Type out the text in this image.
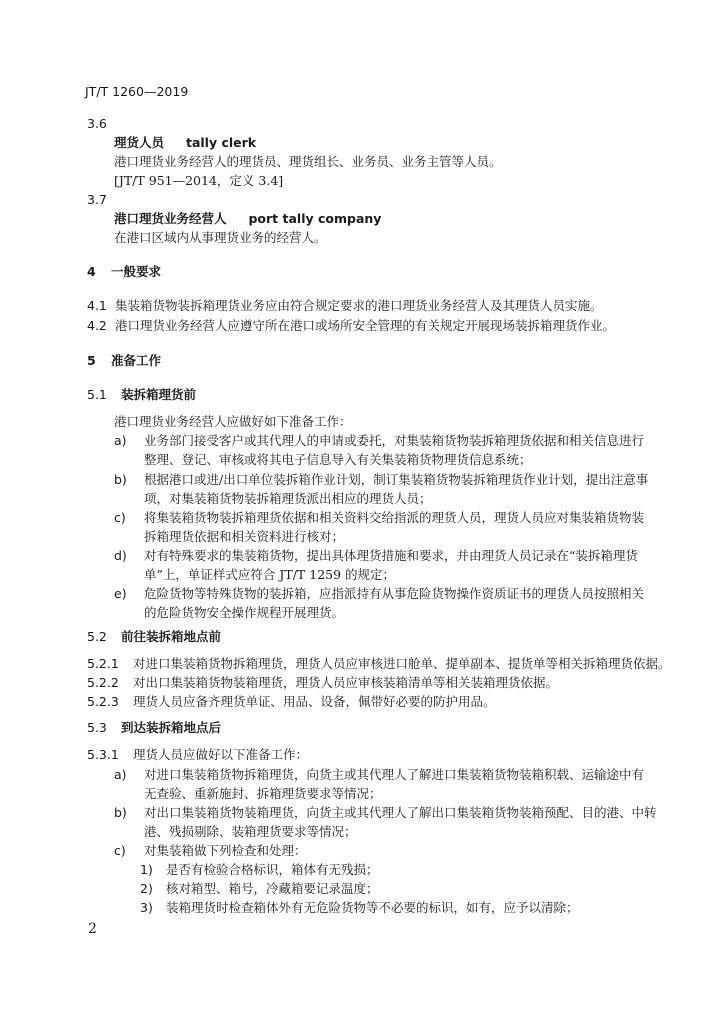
JT/T 1260—2019
3.6
理货人员 tally clerk
港口理货业务经营人的理货员、理货组长、业务员、业务主管等人员。
[JT/T 951—2014，定义 3.4]
3.7
港口理货业务经营人 port tally company
在港口区域内从事理货业务的经营人。
4 一般要求
4.1 集装箱货物装拆箱理货业务应由符合规定要求的港口理货业务经营人及其理货人员实施。
4.2 港口理货业务经营人应遵守所在港口或场所安全管理的有关规定开展现场装拆箱理货作业。
5 准备工作
5.1 装拆箱理货前
港口理货业务经营人应做好如下准备工作：
a) 业务部门接受客户或其代理人的申请或委托，对集装箱货物装拆箱理货依据和相关信息进行
整理、登记、审核或将其电子信息导入有关集装箱货物理货信息系统；
b) 根据港口或进/出口单位装拆箱作业计划，制订集装箱货物装拆箱理货作业计划，提出注意事
项，对集装箱货物装拆箱理货派出相应的理货人员；
c) 将集装箱货物装拆箱理货依据和相关资料交给指派的理货人员，理货人员应对集装箱货物装
拆箱理货依据和相关资料进行核对；
d) 对有特殊要求的集装箱货物，提出具体理货措施和要求，并由理货人员记录在“装拆箱理货
单”上，单证样式应符合 JT/T 1259 的规定；
e) 危险货物等特殊货物的装拆箱，应指派持有从事危险货物操作资质证书的理货人员按照相关
的危险货物安全操作规程开展理货。
5.2 前往装拆箱地点前
5.2.1 对进口集装箱货物拆箱理货，理货人员应审核进口舱单、提单副本、提货单等相关拆箱理货依据。
5.2.2 对出口集装箱货物装箱理货，理货人员应审核装箱清单等相关装箱理货依据。
5.2.3 理货人员应备齐理货单证、用品、设备，佩带好必要的防护用品。
5.3 到达装拆箱地点后
5.3.1 理货人员应做好以下准备工作：
a) 对进口集装箱货物拆箱理货，向货主或其代理人了解进口集装箱货物装箱积载、运输途中有
无查验、重新施封、拆箱理货要求等情况；
b) 对出口集装箱货物装箱理货，向货主或其代理人了解出口集装箱货物装箱预配、目的港、中转
港、残损剔除、装箱理货要求等情况；
c) 对集装箱做下列检查和处理：
1) 是否有检验合格标识，箱体有无残损；
2) 核对箱型、箱号，冷藏箱要记录温度；
3) 装箱理货时检查箱体外有无危险货物等不必要的标识，如有，应予以清除；
2
